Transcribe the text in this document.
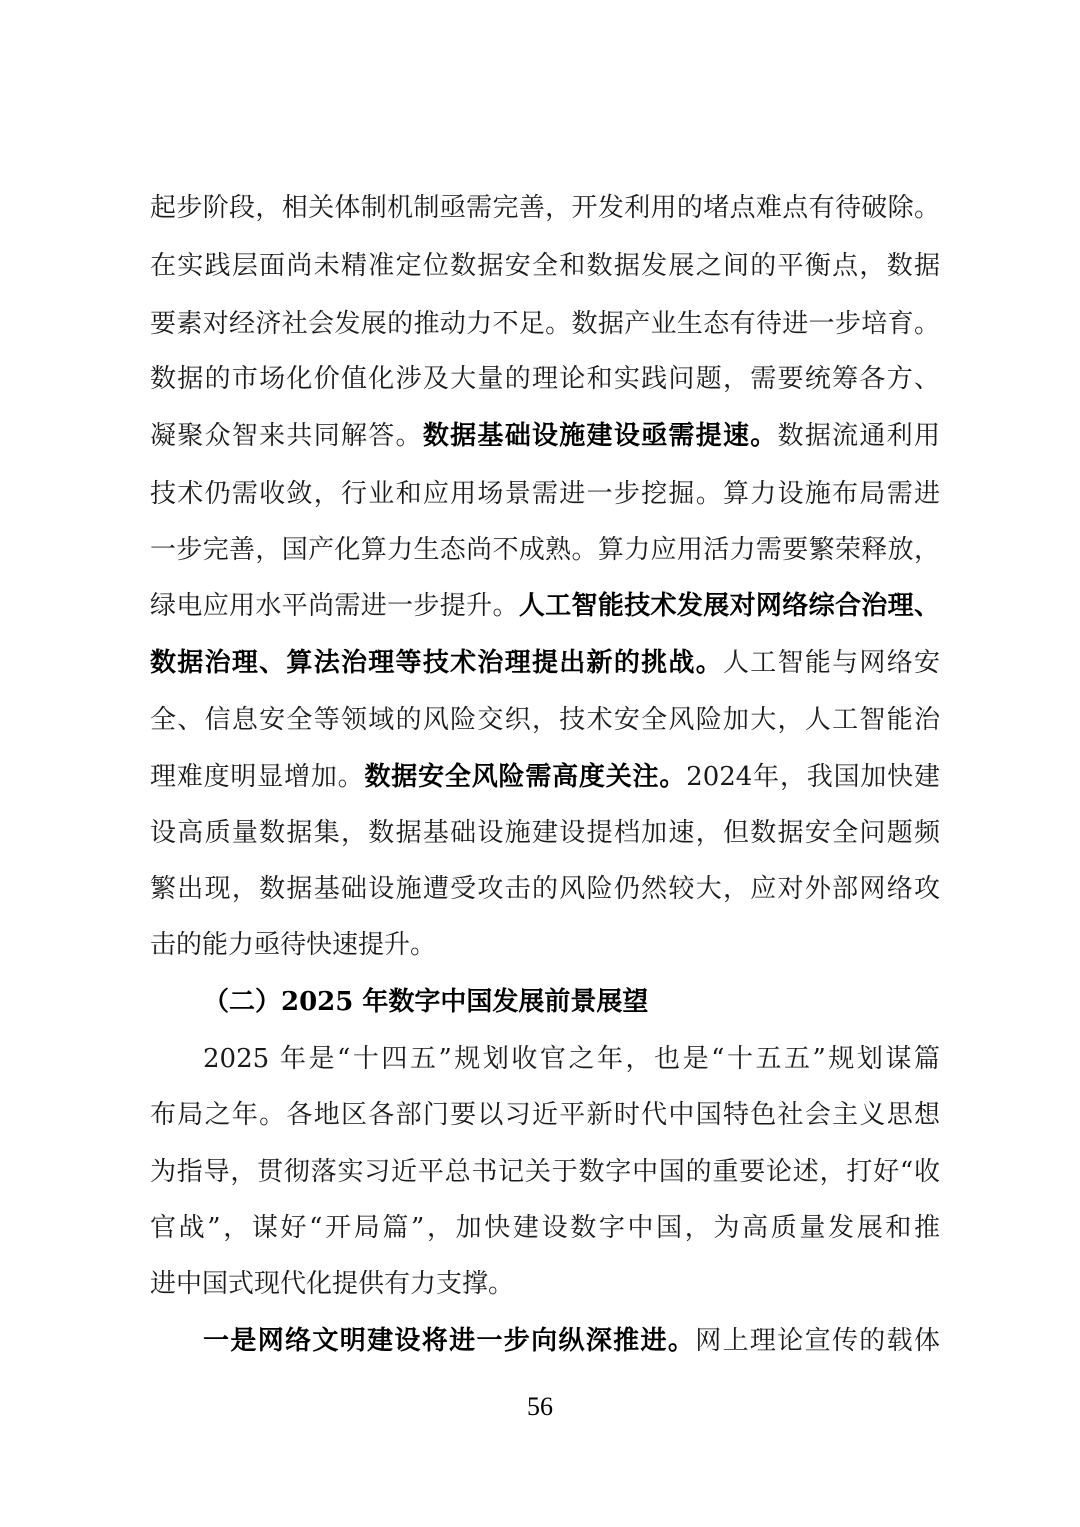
起步阶段，相关体制机制亟需完善，开发利用的堵点难点有待破除。
在实践层面尚未精准定位数据安全和数据发展之间的平衡点，数据
要素对经济社会发展的推动力不足。数据产业生态有待进一步培育。
数据的市场化价值化涉及大量的理论和实践问题，需要统筹各方、
凝聚众智来共同解答。数据基础设施建设亟需提速。数据流通利用
技术仍需收敛，行业和应用场景需进一步挖掘。算力设施布局需进
一步完善，国产化算力生态尚不成熟。算力应用活力需要繁荣释放，
绿电应用水平尚需进一步提升。人工智能技术发展对网络综合治理、
数据治理、算法治理等技术治理提出新的挑战。人工智能与网络安
全、信息安全等领域的风险交织，技术安全风险加大，人工智能治
理难度明显增加。数据安全风险需高度关注。2024年，我国加快建
设高质量数据集，数据基础设施建设提档加速，但数据安全问题频
繁出现，数据基础设施遭受攻击的风险仍然较大，应对外部网络攻
击的能力亟待快速提升。
（二）2025 年数字中国发展前景展望
2025 年是“十四五”规划收官之年，也是“十五五”规划谋篇
布局之年。各地区各部门要以习近平新时代中国特色社会主义思想
为指导，贯彻落实习近平总书记关于数字中国的重要论述，打好“收
官战”，谋好“开局篇”，加快建设数字中国，为高质量发展和推
进中国式现代化提供有力支撑。
一是网络文明建设将进一步向纵深推进。网上理论宣传的载体
56
